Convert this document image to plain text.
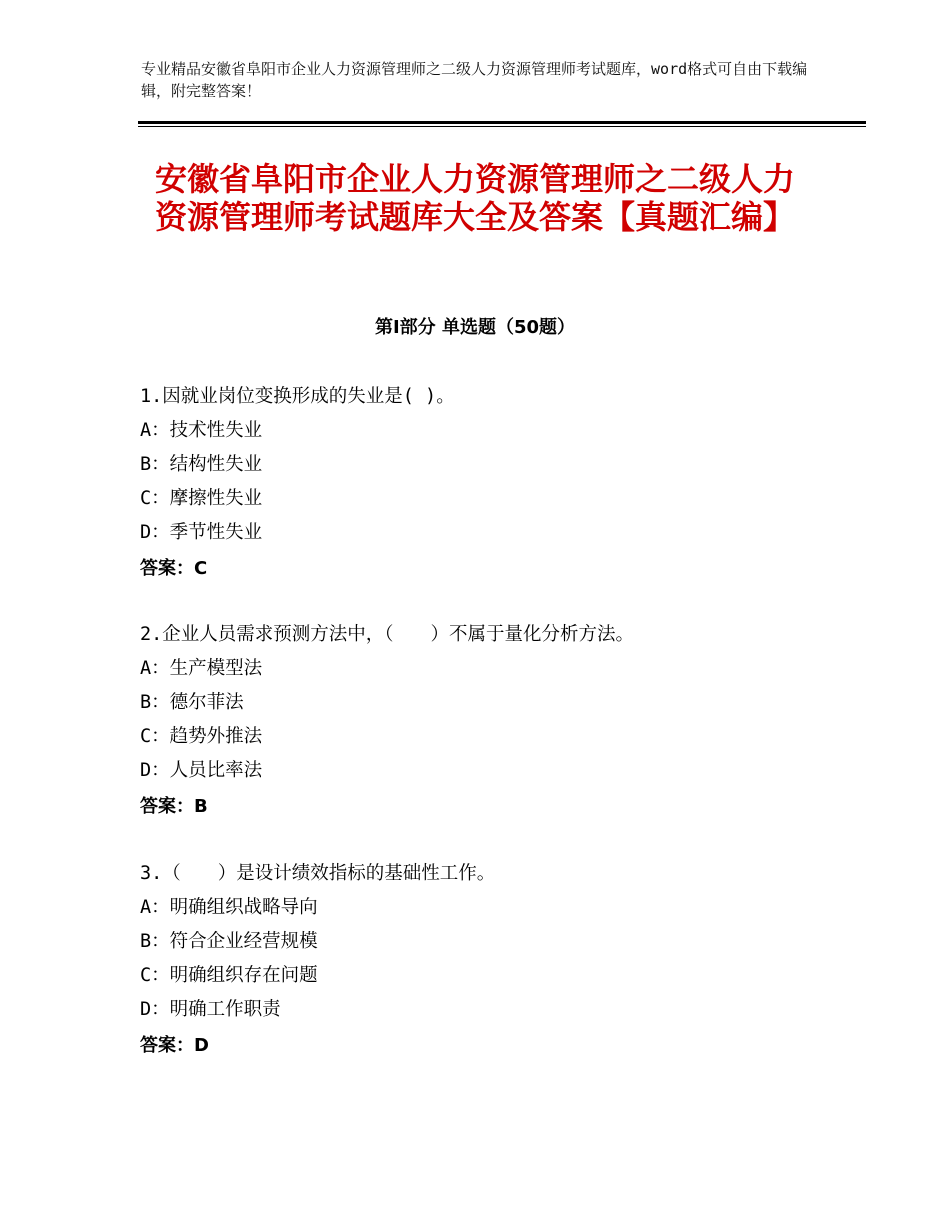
专业精品安徽省阜阳市企业人力资源管理师之二级人力资源管理师考试题库，word格式可自由下载编辑，附完整答案！
安徽省阜阳市企业人力资源管理师之二级人力资源管理师考试题库大全及答案【真题汇编】
第Ⅰ部分 单选题（50题）
1.因就业岗位变换形成的失业是( )。
A：技术性失业
B：结构性失业
C：摩擦性失业
D：季节性失业
答案：C
2.企业人员需求预测方法中，（　　）不属于量化分析方法。
A：生产模型法
B：德尔菲法
C：趋势外推法
D：人员比率法
答案：B
3.（　　）是设计绩效指标的基础性工作。
A：明确组织战略导向
B：符合企业经营规模
C：明确组织存在问题
D：明确工作职责
答案：D
